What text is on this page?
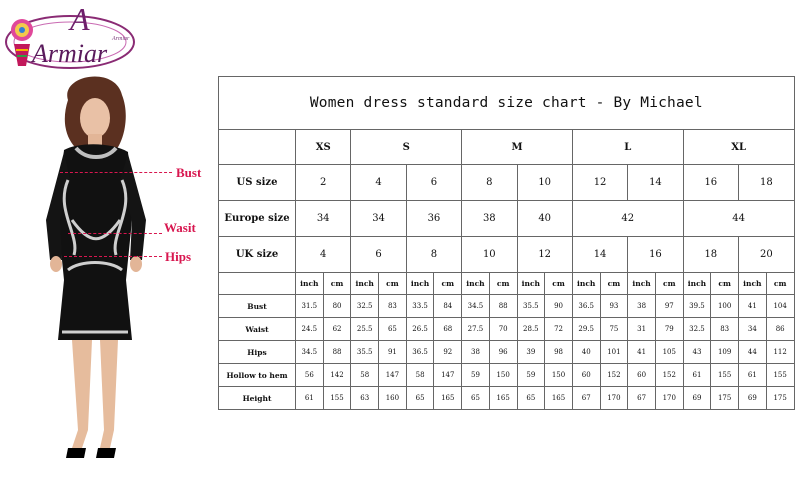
A
Armiar Armiar
Bust
Wasit
Hips
Women dress standard size chart - By Michael																		
	XS		S				M				L				XL			
US size	2		4		6		8		10		12		14		16		18	
Europe size	34		34		36		38		40		42				44			
UK size	4		6		8		10		12		14		16		18		20	
	inch	cm	inch	cm	inch	cm	inch	cm	inch	cm	inch	cm	inch	cm	inch	cm	inch	cm
Bust	31.5	80	32.5	83	33.5	84	34.5	88	35.5	90	36.5	93	38	97	39.5	100	41	104
Waist	24.5	62	25.5	65	26.5	68	27.5	70	28.5	72	29.5	75	31	79	32.5	83	34	86
Hips	34.5	88	35.5	91	36.5	92	38	96	39	98	40	101	41	105	43	109	44	112
Hollow to hem	56	142	58	147	58	147	59	150	59	150	60	152	60	152	61	155	61	155
Height	61	155	63	160	65	165	65	165	65	165	67	170	67	170	69	175	69	175
